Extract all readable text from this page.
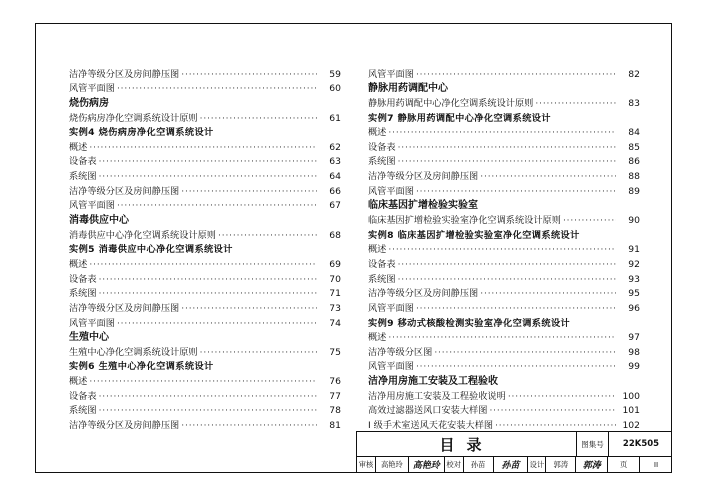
洁净等级分区及房间静压图 · · ·	59
风管平面图 · · ·	60
烧伤病房
烧伤病房净化空调系统设计原则 · · ·	61
实例4 烧伤病房净化空调系统设计
概述 · · ·	62
设备表 · · ·	63
系统图 · · ·	64
洁净等级分区及房间静压图 · · ·	66
风管平面图 · · ·	67
消毒供应中心
消毒供应中心净化空调系统设计原则 · · ·	68
实例5 消毒供应中心净化空调系统设计
概述 · · ·	69
设备表 · · ·	70
系统图 · · ·	71
洁净等级分区及房间静压图 · · ·	73
风管平面图 · · ·	74
生殖中心
生殖中心净化空调系统设计原则 · · ·	75
实例6 生殖中心净化空调系统设计
概述 · · ·	76
设备表 · · ·	77
系统图 · · ·	78
洁净等级分区及房间静压图 · · ·	81
风管平面图 · · ·	82
静脉用药调配中心
静脉用药调配中心净化空调系统设计原则 · · ·	83
实例7 静脉用药调配中心净化空调系统设计
概述 · · ·	84
设备表 · · ·	85
系统图 · · ·	86
洁净等级分区及房间静压图 · · ·	88
风管平面图 · · ·	89
临床基因扩增检验实验室
临床基因扩增检验实验室净化空调系统设计原则 · · ·	90
实例8 临床基因扩增检验实验室净化空调系统设计
概述 · · ·	91
设备表 · · ·	92
系统图 · · ·	93
洁净等级分区及房间静压图 · · ·	95
风管平面图 · · ·	96
实例9 移动式核酸检测实验室净化空调系统设计
概述 · · ·	97
洁净等级分区图 · · ·	98
风管平面图 · · ·	99
洁净用房施工安装及工程验收
洁净用房施工安装及工程验收说明 · · ·	100
高效过滤器送风口安装大样图 · · ·	101
I 级手术室送风天花安装大样图 · · ·	102
目录	图集号	22K505
审核	高艳玲	高艳玲 校对	孙苗	孙苗	设计	郭涛	郭涛	页	II
